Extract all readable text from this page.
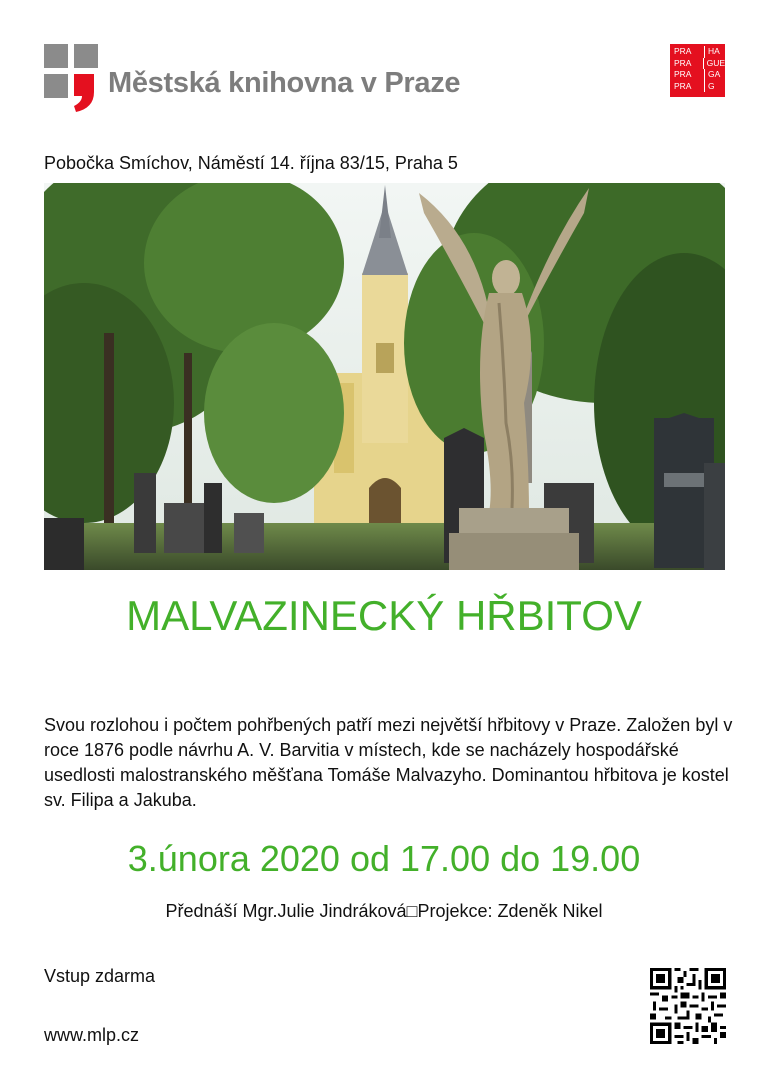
Městská knihovna v Praze
PRA	HA
PRA	GUE
PRA	GA
PRA	G
Pobočka Smíchov, Náměstí 14. října 83/15, Praha 5
MALVAZINECKÝ HŘBITOV
Svou rozlohou i počtem pohřbených patří mezi největší hřbitovy v Praze. Založen byl v roce 1876 podle návrhu A. V. Barvitia v místech, kde se nacházely hospodářské usedlosti malostranského měšťana Tomáše Malvazyho. Dominantou hřbitova je kostel sv. Filipa a Jakuba.
3.února 2020 od 17.00 do 19.00
Přednáší Mgr.Julie Jindráková□Projekce: Zdeněk Nikel
Vstup zdarma
www.mlp.cz
